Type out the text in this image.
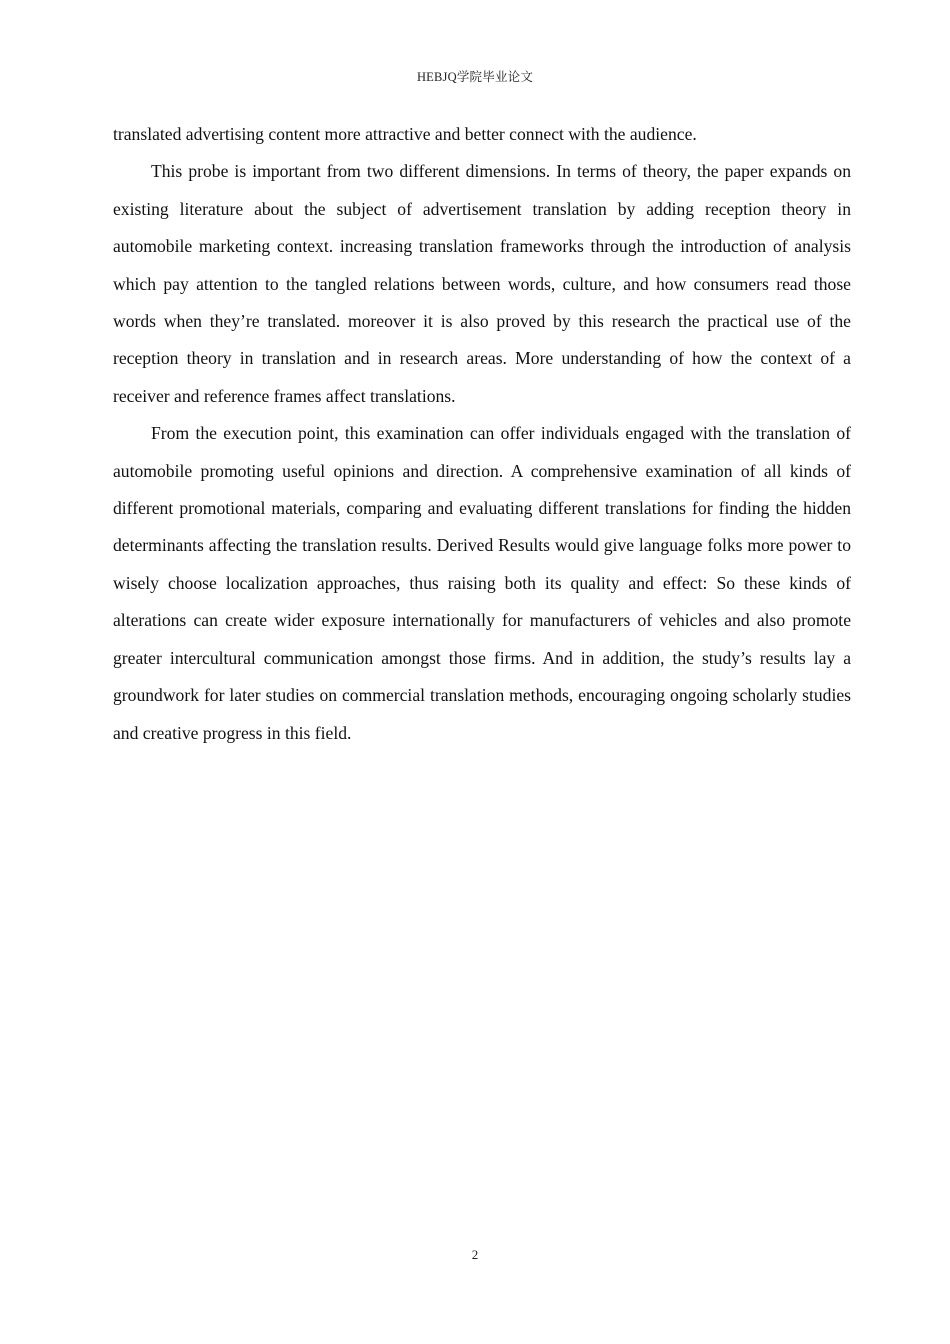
HEBJQ学院毕业论文

translated advertising content more attractive and better connect with the audience.

This probe is important from two different dimensions. In terms of theory, the paper expands on existing literature about the subject of advertisement translation by adding reception theory in automobile marketing context. increasing translation frameworks through the introduction of analysis which pay attention to the tangled relations between words, culture, and how consumers read those words when they’re translated. moreover it is also proved by this research the practical use of the reception theory in translation and in research areas. More understanding of how the context of a receiver and reference frames affect translations.

From the execution point, this examination can offer individuals engaged with the translation of automobile promoting useful opinions and direction. A comprehensive examination of all kinds of different promotional materials, comparing and evaluating different translations for finding the hidden determinants affecting the translation results. Derived Results would give language folks more power to wisely choose localization approaches, thus raising both its quality and effect: So these kinds of alterations can create wider exposure internationally for manufacturers of vehicles and also promote greater intercultural communication amongst those firms. And in addition, the study’s results lay a groundwork for later studies on commercial translation methods, encouraging ongoing scholarly studies and creative progress in this field.

2
